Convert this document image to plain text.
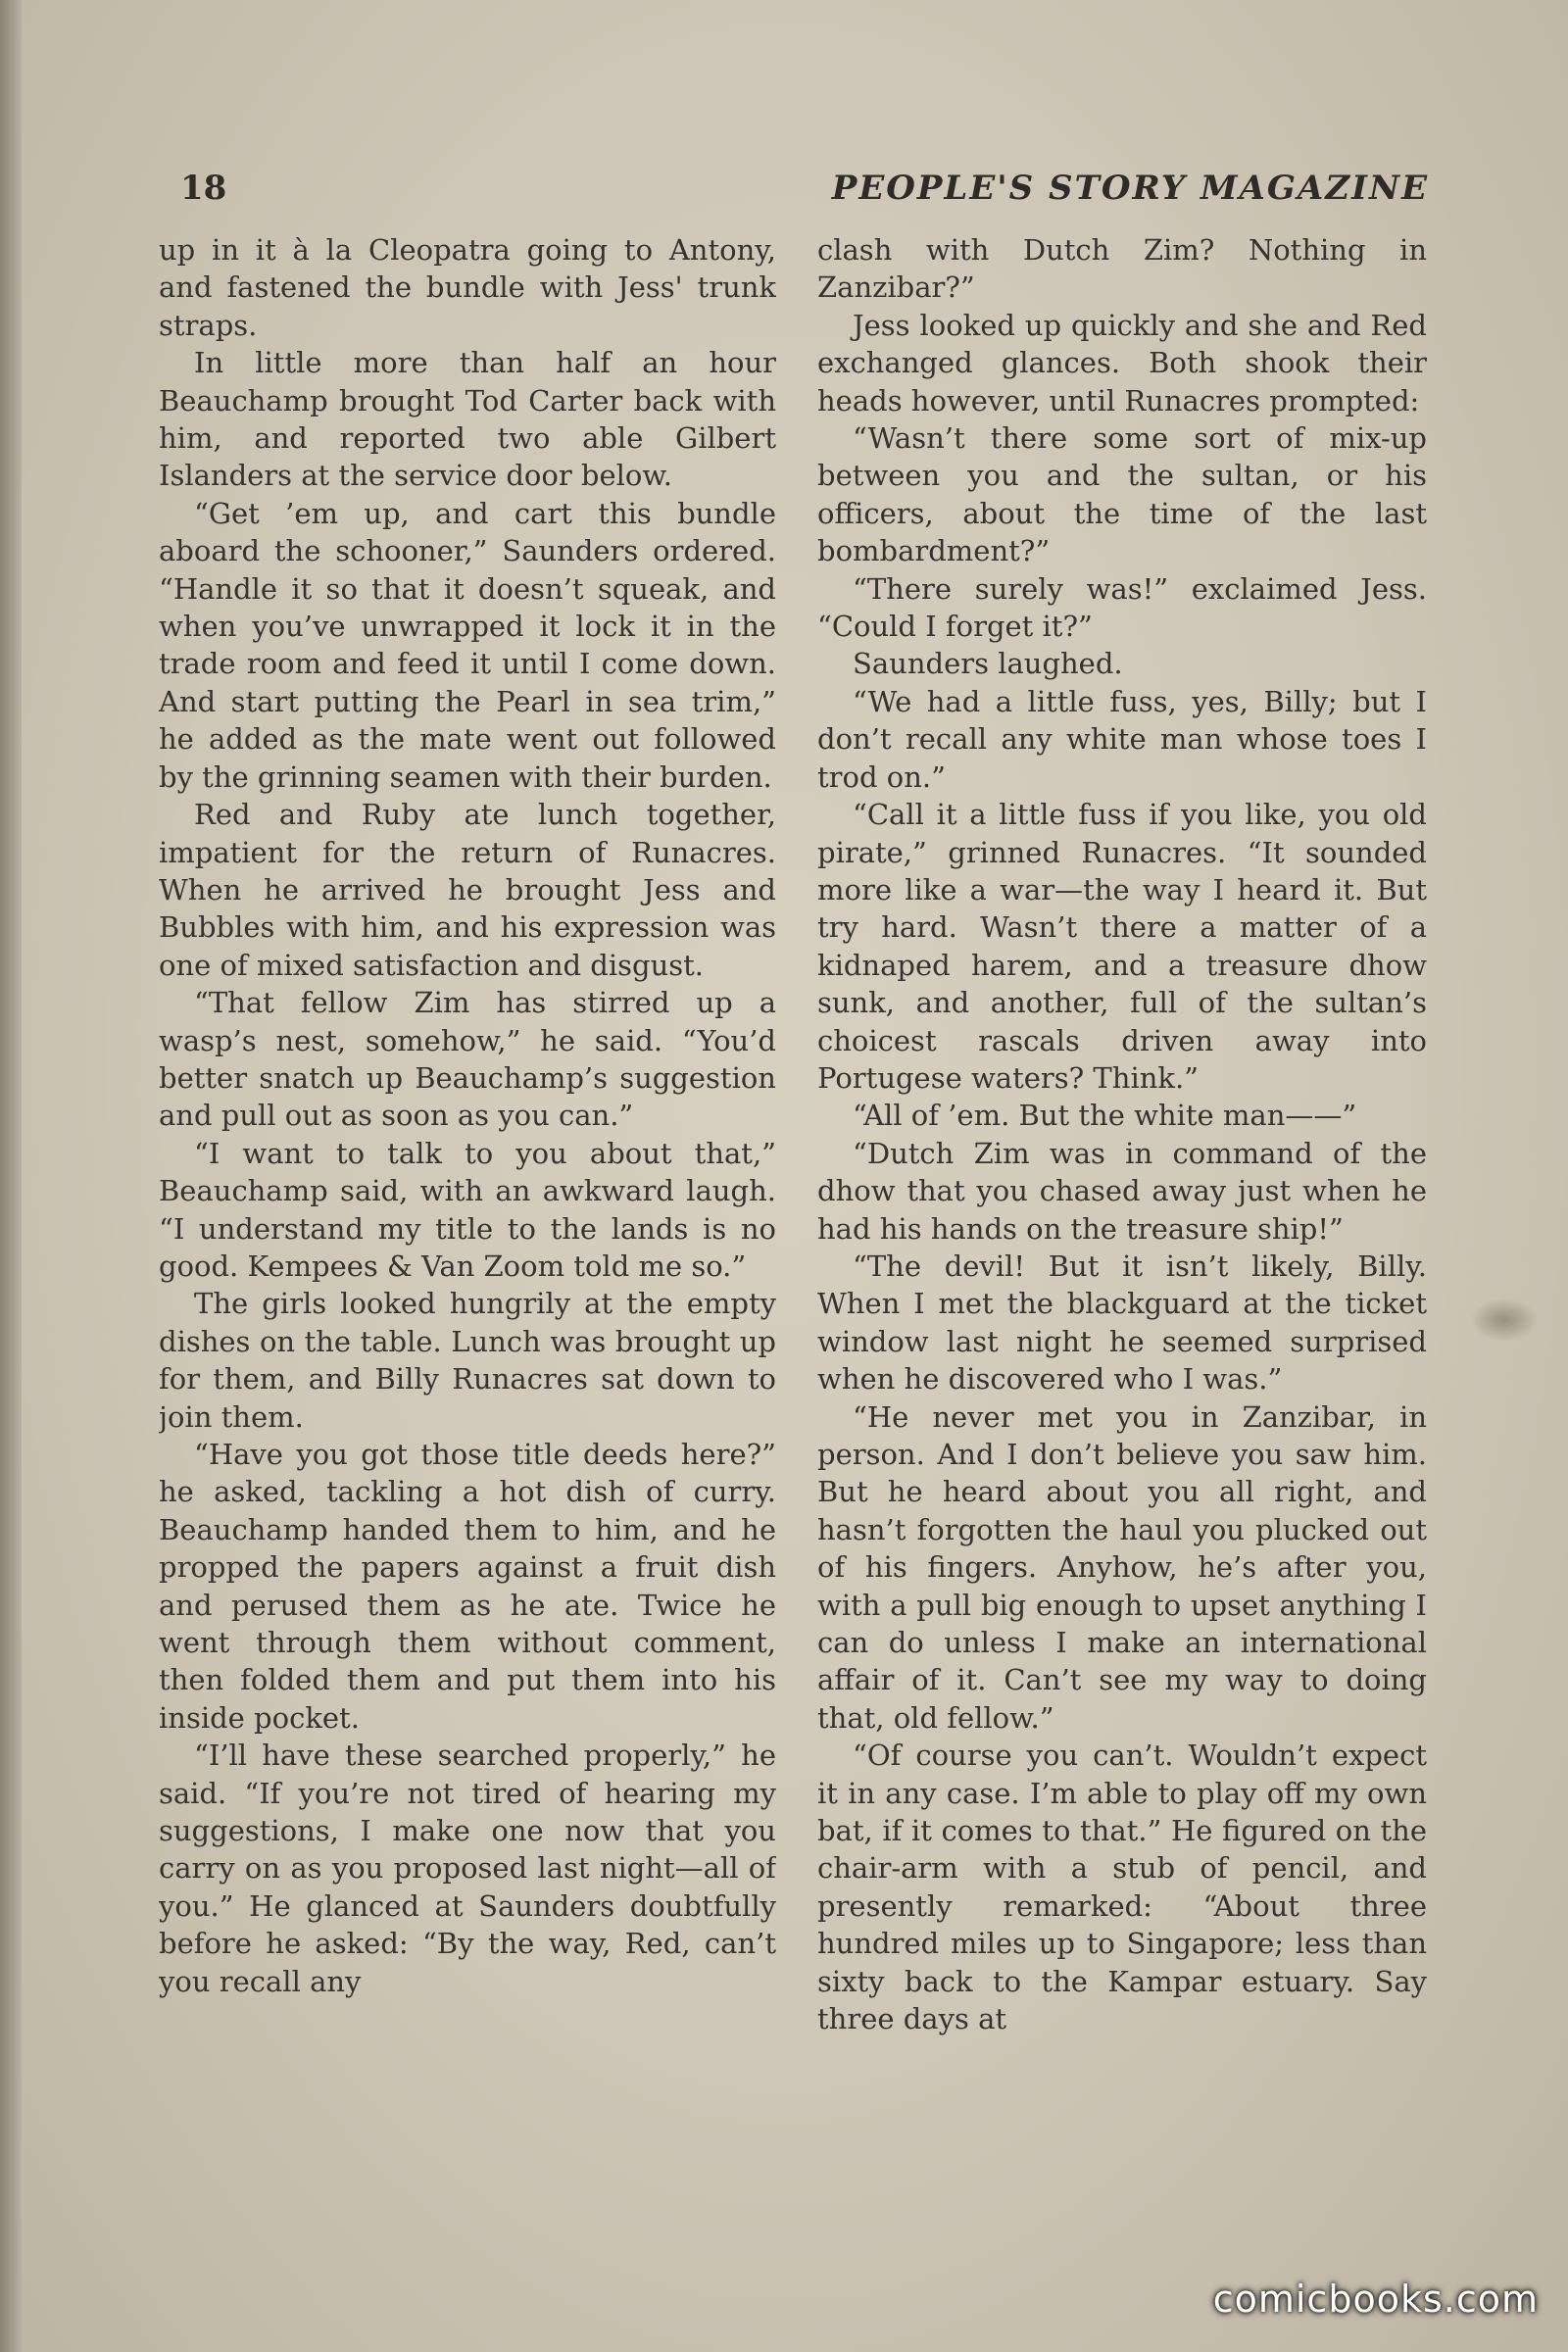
18	PEOPLE'S STORY MAGAZINE

up in it à la Cleopatra going to Antony, and fastened the bundle with Jess' trunk straps.

In little more than half an hour Beauchamp brought Tod Carter back with him, and reported two able Gilbert Islanders at the service door below.

“Get ’em up, and cart this bundle aboard the schooner,” Saunders ordered. “Handle it so that it doesn’t squeak, and when you’ve unwrapped it lock it in the trade room and feed it until I come down. And start putting the Pearl in sea trim,” he added as the mate went out followed by the grinning seamen with their burden.

Red and Ruby ate lunch together, impatient for the return of Runacres. When he arrived he brought Jess and Bubbles with him, and his expression was one of mixed satisfaction and disgust.

“That fellow Zim has stirred up a wasp’s nest, somehow,” he said. “You’d better snatch up Beauchamp’s suggestion and pull out as soon as you can.”

“I want to talk to you about that,” Beauchamp said, with an awkward laugh. “I understand my title to the lands is no good. Kempees & Van Zoom told me so.”

The girls looked hungrily at the empty dishes on the table. Lunch was brought up for them, and Billy Runacres sat down to join them.

“Have you got those title deeds here?” he asked, tackling a hot dish of curry. Beauchamp handed them to him, and he propped the papers against a fruit dish and perused them as he ate. Twice he went through them without comment, then folded them and put them into his inside pocket.

“I’ll have these searched properly,” he said. “If you’re not tired of hearing my suggestions, I make one now that you carry on as you proposed last night—all of you.” He glanced at Saunders doubtfully before he asked: “By the way, Red, can’t you recall any

clash with Dutch Zim? Nothing in Zanzibar?”

Jess looked up quickly and she and Red exchanged glances. Both shook their heads however, until Runacres prompted:

“Wasn’t there some sort of mix-up between you and the sultan, or his officers, about the time of the last bombardment?”

“There surely was!” exclaimed Jess. “Could I forget it?”

Saunders laughed.

“We had a little fuss, yes, Billy; but I don’t recall any white man whose toes I trod on.”

“Call it a little fuss if you like, you old pirate,” grinned Runacres. “It sounded more like a war—the way I heard it. But try hard. Wasn’t there a matter of a kidnaped harem, and a treasure dhow sunk, and another, full of the sultan’s choicest rascals driven away into Portugese waters? Think.”

“All of ’em. But the white man——”

“Dutch Zim was in command of the dhow that you chased away just when he had his hands on the treasure ship!”

“The devil! But it isn’t likely, Billy. When I met the blackguard at the ticket window last night he seemed surprised when he discovered who I was.”

“He never met you in Zanzibar, in person. And I don’t believe you saw him. But he heard about you all right, and hasn’t forgotten the haul you plucked out of his fingers. Anyhow, he’s after you, with a pull big enough to upset anything I can do unless I make an international affair of it. Can’t see my way to doing that, old fellow.”

“Of course you can’t. Wouldn’t expect it in any case. I’m able to play off my own bat, if it comes to that.” He figured on the chair-arm with a stub of pencil, and presently remarked: “About three hundred miles up to Singapore; less than sixty back to the Kampar estuary. Say three days at

comicbooks.com
